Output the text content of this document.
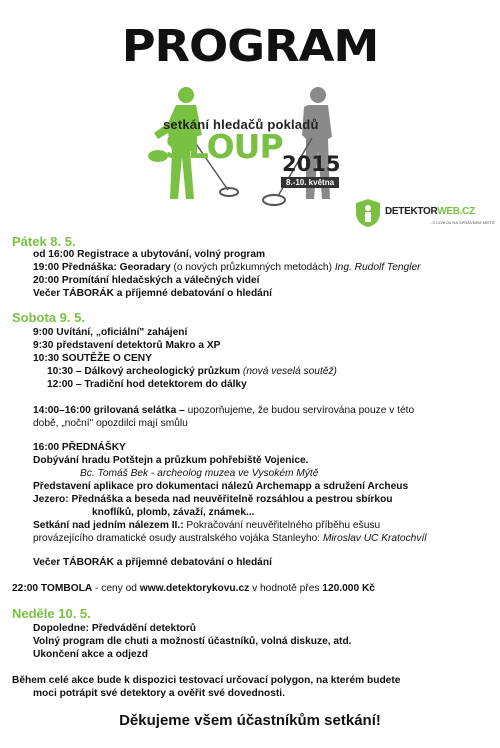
PROGRAM
setkání hledačů pokladů
SLOUP 2015
8.-10. května
DETEKTORWEB.CZ
...S CIVKOU NA SPRÁVNÉM MÍSTĚ
Pátek 8. 5.
od 16:00 Registrace a ubytování, volný program
19:00 Přednáška: Georadary (o nových průzkumných metodách) Ing. Rudolf Tengler
20:00 Promítání hledačských a válečných videí
Večer TÁBORÁK a příjemné debatování o hledání
Sobota 9. 5.
9:00 Uvítání, „oficiální" zahájení
9:30 představení detektorů Makro a XP
10:30 SOUTĚŽE O CENY
10:30 – Dálkový archeologický průzkum (nová veselá soutěž)
12:00 – Tradiční hod detektorem do dálky
14:00–16:00 grilovaná selátka – upozorňujeme, že budou servírována pouze v této
době, „noční" opozdilci mají smůlu
16:00 PŘEDNÁŠKY
Dobývání hradu Potštejn a průzkum pohřebiště Vojenice.
Bc. Tomáš Bek - archeolog muzea ve Vysokém Mýtě
Představení aplikace pro dokumentaci nálezů Archemapp a sdružení Archeus
Jezero: Přednáška a beseda nad neuvěřitelně rozsáhlou a pestrou sbírkou
knoflíků, plomb, závaží, známek...
Setkání nad jedním nálezem II.: Pokračování neuvěřitelného příběhu ešusu
provázejícího dramatické osudy australského vojáka Stanleyho: Miroslav UC Kratochvíl
Večer TÁBORÁK a příjemné debatování o hledání
22:00 TOMBOLA - ceny od www.detektorykovu.cz v hodnotě přes 120.000 Kč
Neděle 10. 5.
Dopoledne: Předvádění detektorů
Volný program dle chuti a možností účastníků, volná diskuze, atd.
Ukončení akce a odjezd
Během celé akce bude k dispozici testovací určovací polygon, na kterém budete
moci potrápit své detektory a ověřit své dovednosti.
Děkujeme všem účastníkům setkání!
